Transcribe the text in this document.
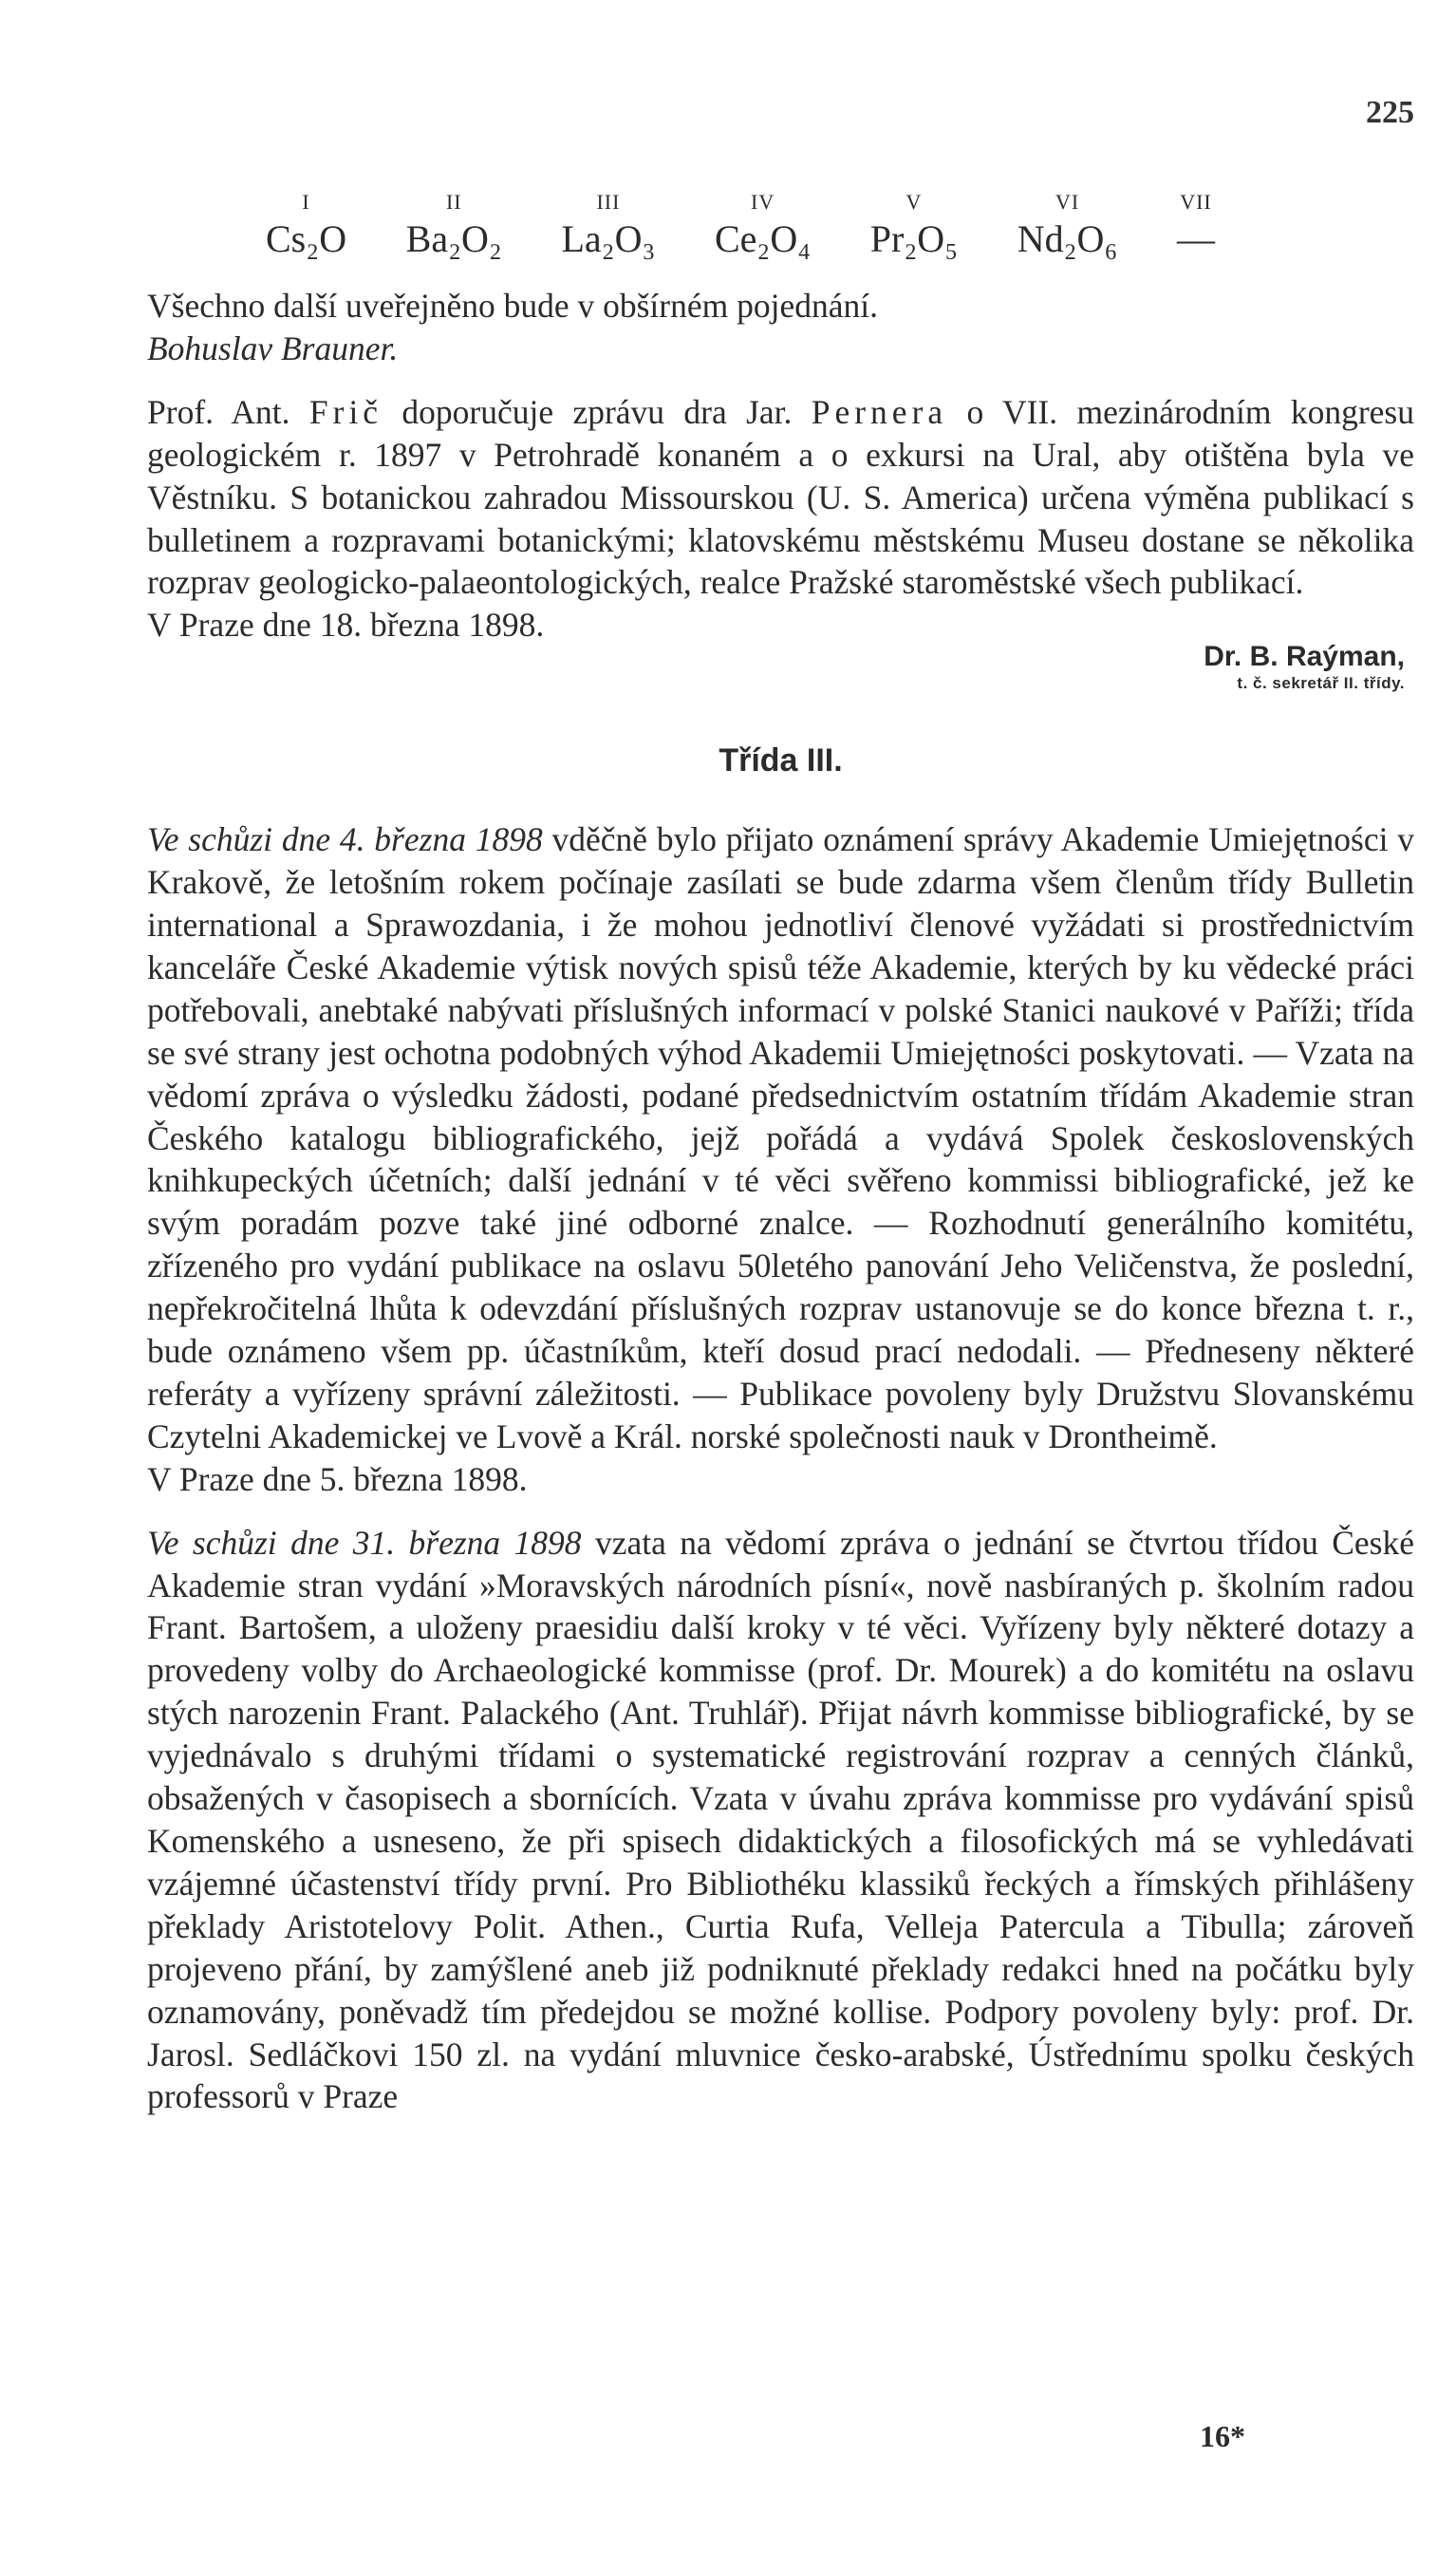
225
I
Cs₂O
II
Ba₂O₂
III
La₂O₃
IV
Ce₂O₄
V
Pr₂O₅
VI
Nd₂O₆
VII
—

Všechno další uveřejněno bude v obšírném pojednání.

Bohuslav Brauner.

Prof. Ant. Frič doporučuje zprávu dra Jar. Pernera o VII. mezinárodním kongresu geologickém r. 1897 v Petrohradě konaném a o exkursi na Ural, aby otištěna byla ve Věstníku. S botanickou zahradou Missourskou (U. S. America) určena výměna publikací s bulletinem a rozpravami botanickými; klatovskému městskému Museu dostane se několika rozprav geologicko-palaeontologických, realce Pražské staroměstské všech publikací.

V Praze dne 18. března 1898.

Dr. B. Raýman,
t. č. sekretář II. třídy.
Třída III.

Ve schůzi dne 4. března 1898 vděčně bylo přijato oznámení správy Akademie Umiejętności v Krakově, že letošním rokem počínaje zasílati se bude zdarma všem členům třídy Bulletin international a Sprawozdania, i že mohou jednotliví členové vyžádati si prostřednictvím kanceláře České Akademie výtisk nových spisů téže Akademie, kterých by ku vědecké práci potřebovali, anebtaké nabývati příslušných informací v polské Stanici naukové v Paříži; třída se své strany jest ochotna podobných výhod Akademii Umiejętności poskytovati. — Vzata na vědomí zpráva o výsledku žádosti, podané předsednictvím ostatním třídám Akademie stran Českého katalogu bibliografického, jejž pořádá a vydává Spolek československých knihkupeckých účetních; další jednání v té věci svěřeno kommissi bibliografické, jež ke svým poradám pozve také jiné odborné znalce. — Rozhodnutí generálního komitétu, zřízeného pro vydání publikace na oslavu 50letého panování Jeho Veličenstva, že poslední, nepřekročitelná lhůta k odevzdání příslušných rozprav ustanovuje se do konce března t. r., bude oznámeno všem pp. účastníkům, kteří dosud prací nedodali. — Předneseny některé referáty a vyřízeny správní záležitosti. — Publikace povoleny byly Družstvu Slovanskému Czytelni Akademickej ve Lvově a Král. norské společnosti nauk v Drontheimě.

V Praze dne 5. března 1898.

Ve schůzi dne 31. března 1898 vzata na vědomí zpráva o jednání se čtvrtou třídou České Akademie stran vydání »Moravských národních písní«, nově nasbíraných p. školním radou Frant. Bartošem, a uloženy praesidiu další kroky v té věci. Vyřízeny byly některé dotazy a provedeny volby do Archaeologické kommisse (prof. Dr. Mourek) a do komitétu na oslavu stých narozenin Frant. Palackého (Ant. Truhlář). Přijat návrh kommisse bibliografické, by se vyjednávalo s druhými třídami o systematické registrování rozprav a cenných článků, obsažených v časopisech a sbornících. Vzata v úvahu zpráva kommisse pro vydávání spisů Komenského a usneseno, že při spisech didaktických a filosofických má se vyhledávati vzájemné účastenství třídy první. Pro Bibliothéku klassiků řeckých a římských přihlášeny překlady Aristotelovy Polit. Athen., Curtia Rufa, Velleja Patercula a Tibulla; zároveň projeveno přání, by zamýšlené aneb již podniknuté překlady redakci hned na počátku byly oznamovány, poněvadž tím předejdou se možné kollise. Podpory povoleny byly: prof. Dr. Jarosl. Sedláčkovi 150 zl. na vydání mluvnice česko-arabské, Ústřednímu spolku českých professorů v Praze

16*
